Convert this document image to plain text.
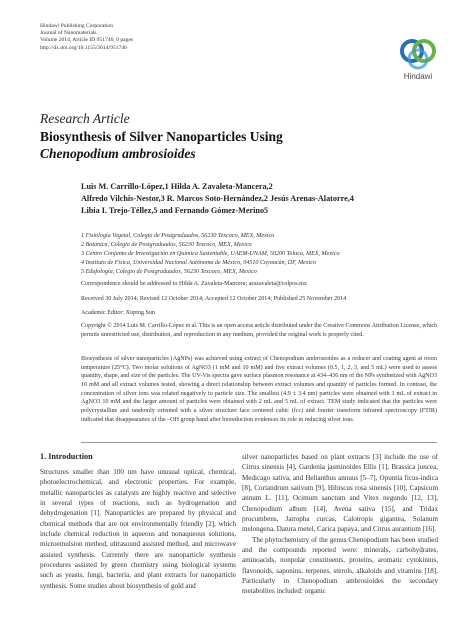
Hindawi Publishing Corporation
Journal of Nanomaterials
Volume 2014, Article ID 951746, 9 pages
http://dx.doi.org/10.1155/2014/951746
Hindawi
Research Article
Biosynthesis of Silver Nanoparticles Using
Chenopodium ambrosioides
Luis M. Carrillo-López,1 Hilda A. Zavaleta-Mancera,2
Alfredo Vilchis-Nestor,3 R. Marcos Soto-Hernández,2 Jesús Arenas-Alatorre,4
Libia I. Trejo-Téllez,5 and Fernando Gómez-Merino5
1 Fisiología Vegetal, Colegio de Postgraduados, 56230 Texcoco, MEX, Mexico
2 Botánica, Colegio de Postgraduados, 56230 Texcoco, MEX, Mexico
3 Centro Conjunto de Investigación en Química Sustentable, UAEM-UNAM, 50200 Toluca, MEX, Mexico
4 Instituto de Física, Universidad Nacional Autónoma de México, 04510 Coyoacán, DF, Mexico
5 Edafología, Colegio de Postgraduados, 56230 Texcoco, MEX, Mexico
Correspondence should be addressed to Hilda A. Zavaleta-Mancera; arazavaleta@colpos.mx
Received 30 July 2014; Revised 12 October 2014; Accepted 12 October 2014; Published 25 November 2014
Academic Editor: Xuping Sun
Copyright © 2014 Luis M. Carrillo-López et al. This is an open access article distributed under the Creative Commons Attribution License, which permits unrestricted use, distribution, and reproduction in any medium, provided the original work is properly cited.
Biosynthesis of silver nanoparticles (AgNPs) was achieved using extract of Chenopodium ambrosioides as a reducer and coating agent at room temperature (25°C). Two molar solutions of AgNO3 (1 mM and 10 mM) and five extract volumes (0.5, 1, 2, 3, and 5 mL) were used to assess quantity, shape, and size of the particles. The UV-Vis spectra gave surface plasmon resonance at 434–436 nm of the NPs synthetized with AgNO3 10 mM and all extract volumes tested, showing a direct relationship between extract volumes and quantity of particles formed. In contrast, the concentration of silver ions was related negatively to particle size. The smallest (4.9 ± 3.4 nm) particles were obtained with 1 mL of extract in AgNO3 10 mM and the larger amount of particles were obtained with 2 mL and 5 mL of extract. TEM study indicated that the particles were polycrystalline and randomly oriented with a silver structure face centered cubic (fcc) and fourier transform infrared spectroscopy (FTIR) indicated that disappearance of the –OH group band after bioreduction evidences its role in reducing silver ions.
1. Introduction

Structures smaller than 100 nm have unusual optical, chemical, photoelectrochemical, and electronic properties. For example, metallic nanoparticles as catalysts are highly reactive and selective in several types of reactions, such as hydrogenation and dehydrogenation [1]. Nanoparticles are prepared by physical and chemical methods that are not environmentally friendly [2], which include chemical reduction in aqueous and nonaqueous solutions, microemulsion method, ultrasound assisted method, and microwave assisted synthesis. Currently there are nanoparticle synthesis procedures assisted by green chemistry using biological systems such as yeasts, fungi, bacteria, and plant extracts for nanoparticle synthesis. Some studies about biosynthesis of gold and

silver nanoparticles based on plant extracts [3] include the use of Citrus sinensis [4], Gardenia jasminoides Ellis [1], Brassica juncea, Medicago sativa, and Helianthus annuus [5–7], Opuntia ficus-indica [8], Coriandrum sativum [9], Hibiscus rosa sinensis [10], Capsicum annum L. [11], Ocimum sanctum and Vitex negundo [12, 13], Chenopodium album [14], Avena sativa [15], and Tridax procumbens, Jatropha curcas, Calotropis gigantea, Solanum melongena, Datura metel, Carica papaya, and Citrus aurantium [16].

The phytochemistry of the genus Chenopodium has been studied and the compounds reported were: minerals, carbohydrates, aminoacids, nonpolar constituents, proteins, aromatic cytokinins, flavonoids, saponins, terpenes, sterols, alkaloids and vitamins [18]. Particularly in Chenopodium ambrosioides the secondary metabolites included: organic
